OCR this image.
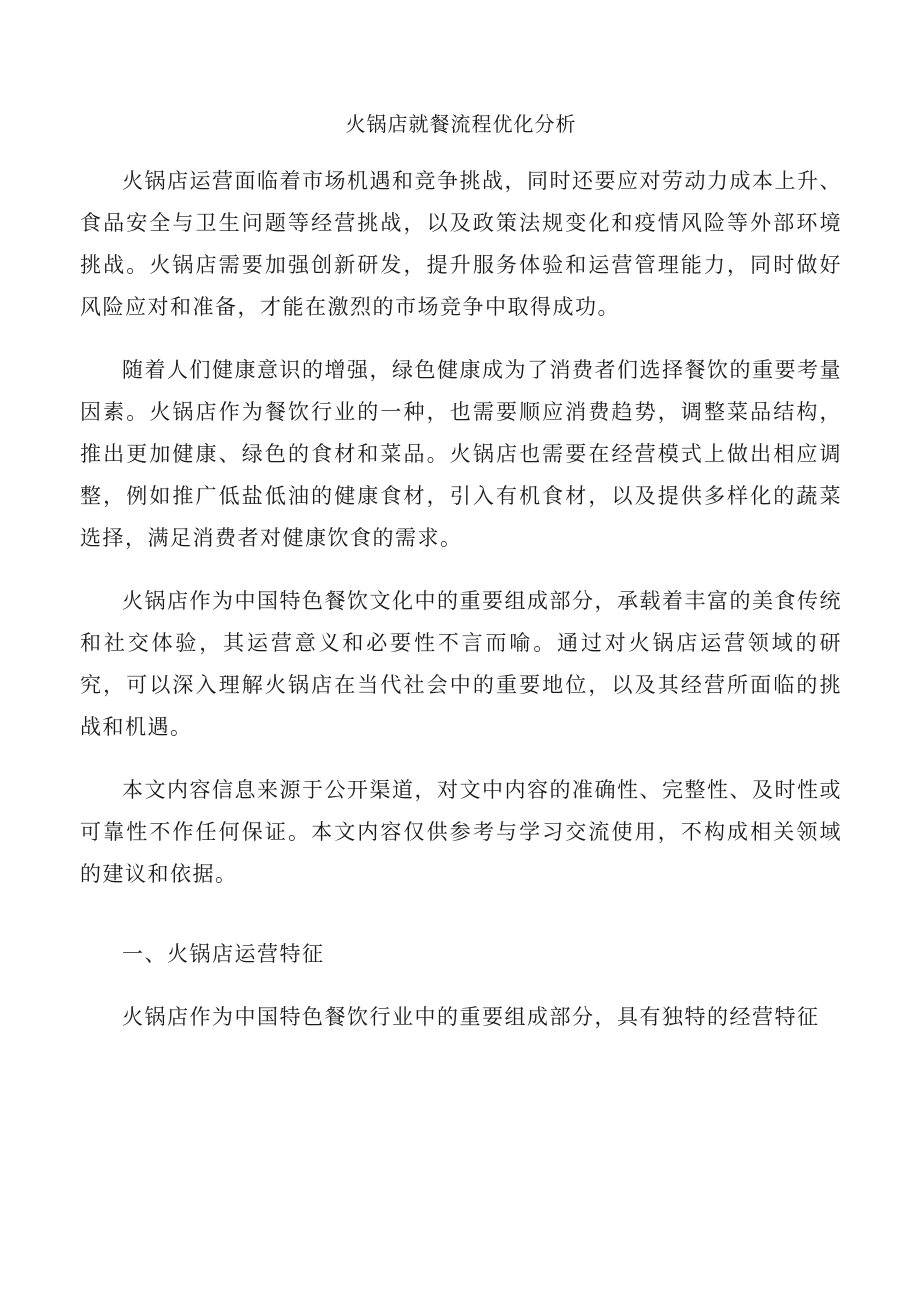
火锅店就餐流程优化分析

火锅店运营面临着市场机遇和竞争挑战，同时还要应对劳动力成本上升、食品安全与卫生问题等经营挑战，以及政策法规变化和疫情风险等外部环境挑战。火锅店需要加强创新研发，提升服务体验和运营管理能力，同时做好风险应对和准备，才能在激烈的市场竞争中取得成功。

随着人们健康意识的增强，绿色健康成为了消费者们选择餐饮的重要考量因素。火锅店作为餐饮行业的一种，也需要顺应消费趋势，调整菜品结构，推出更加健康、绿色的食材和菜品。火锅店也需要在经营模式上做出相应调整，例如推广低盐低油的健康食材，引入有机食材，以及提供多样化的蔬菜选择，满足消费者对健康饮食的需求。

火锅店作为中国特色餐饮文化中的重要组成部分，承载着丰富的美食传统和社交体验，其运营意义和必要性不言而喻。通过对火锅店运营领域的研究，可以深入理解火锅店在当代社会中的重要地位，以及其经营所面临的挑战和机遇。

本文内容信息来源于公开渠道，对文中内容的准确性、完整性、及时性或可靠性不作任何保证。本文内容仅供参考与学习交流使用，不构成相关领域的建议和依据。

一、火锅店运营特征

火锅店作为中国特色餐饮行业中的重要组成部分，具有独特的经营特征
